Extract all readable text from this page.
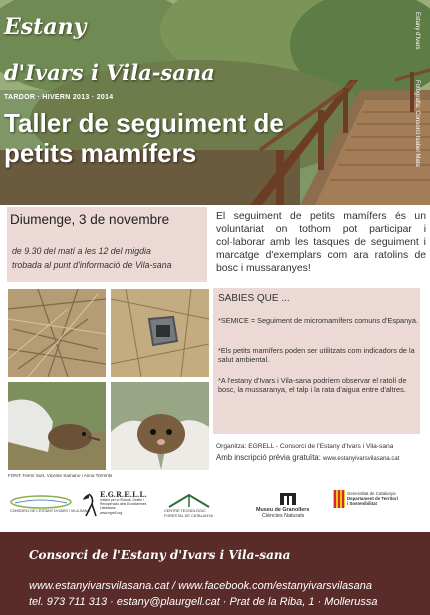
Estany
d'Ivars i Vila-sana
TARDOR · HIVERN 2013 · 2014
Taller de seguiment de
petits mamífers
Estany d'Ivars
Fotografia: Consorci Isabel Mata
Diumenge, 3 de novembre
de 9.30 del matí a les 12 del migdia
trobada al punt d'informació de Vila-sana
El seguiment de petits mamífers és un voluntariat on tothom pot participar i col·laborar amb les tasques de seguiment i marcatge d'exemplars com ara ratolins de bosc i mussaranyes!
SABIES QUE ...
*SEMICE = Seguiment de micromamífers comuns d'Espanya.
*Els petits mamífers poden ser utilitzats com indicadors de la salut ambiental.
*A l'estany d'Ivars i Vila-sana podríem observar el ratolí de bosc, la mussaranya, el talp i la rata d'aigua entre d'altres.
Organitza: EGRELL - Consorci de l'Estany d'Ivars i Vila-sana
Amb inscripció prèvia gratuïta: www.estanyivarsvilasana.cat
FONT: Fermí Sort, Vicente Samano i Anna Torrents
CONSORCI DE L'ESTANY D'IVARS I VILA-SANA
E.G.R.E.L.L.
Institut per a l'Estudi, Gestió i Recuperació dels Ecosistemes Lleidatans
www.egrell.org	CENTRE TECNOLÒGIC
FORESTAL DE CATALUNYA
Museu de Granollers
Ciències Naturals
Generalitat de Catalunya
Departament de Territori
i Sostenibilitat
Consorci de l'Estany d'Ivars i Vila-sana
www.estanyivarsvilasana.cat / www.facebook.com/estanyivarsvilasana
tel. 973 711 313 · estany@plaurgell.cat · Prat de la Riba, 1 · Mollerussa
